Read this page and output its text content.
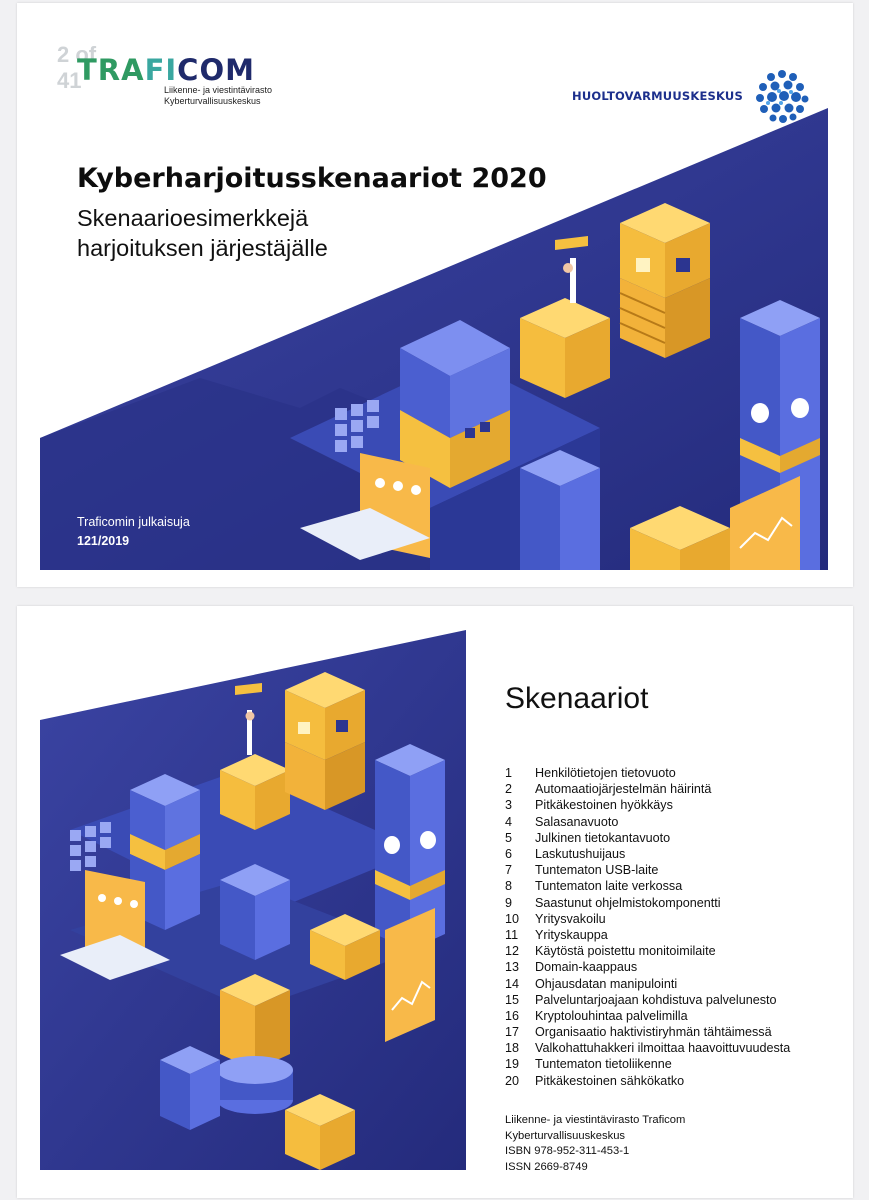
2 of 41
TRAFICOM
Liikenne- ja viestintävirasto
Kyberturvallisuuskeskus	HUOLTOVARMUUSKESKUS
Kyberharjoitusskenaariot 2020
Skenaarioesimerkkejä harjoituksen järjestäjälle
Traficomin julkaisuja
121/2019
Skenaariot
1	Henkilötietojen tietovuoto
2	Automaatiojärjestelmän häirintä
3	Pitkäkestoinen hyökkäys
4	Salasanavuoto
5	Julkinen tietokantavuoto
6	Laskutushuijaus
7	Tuntematon USB-laite
8	Tuntematon laite verkossa
9	Saastunut ohjelmistokomponentti
10	Yritysvakoilu
11	Yrityskauppa
12	Käytöstä poistettu monitoimilaite
13	Domain-kaappaus
14	Ohjausdatan manipulointi
15	Palveluntarjoajaan kohdistuva palvelunesto
16	Kryptolouhintaa palvelimilla
17	Organisaatio haktivistiryhmän tähtäimessä
18	Valkohattuhakkeri ilmoittaa haavoittuvuudesta
19	Tuntematon tietoliikenne
20	Pitkäkestoinen sähkökatko
Liikenne- ja viestintävirasto Traficom
Kyberturvallisuuskeskus
ISBN 978-952-311-453-1
ISSN 2669-8749
